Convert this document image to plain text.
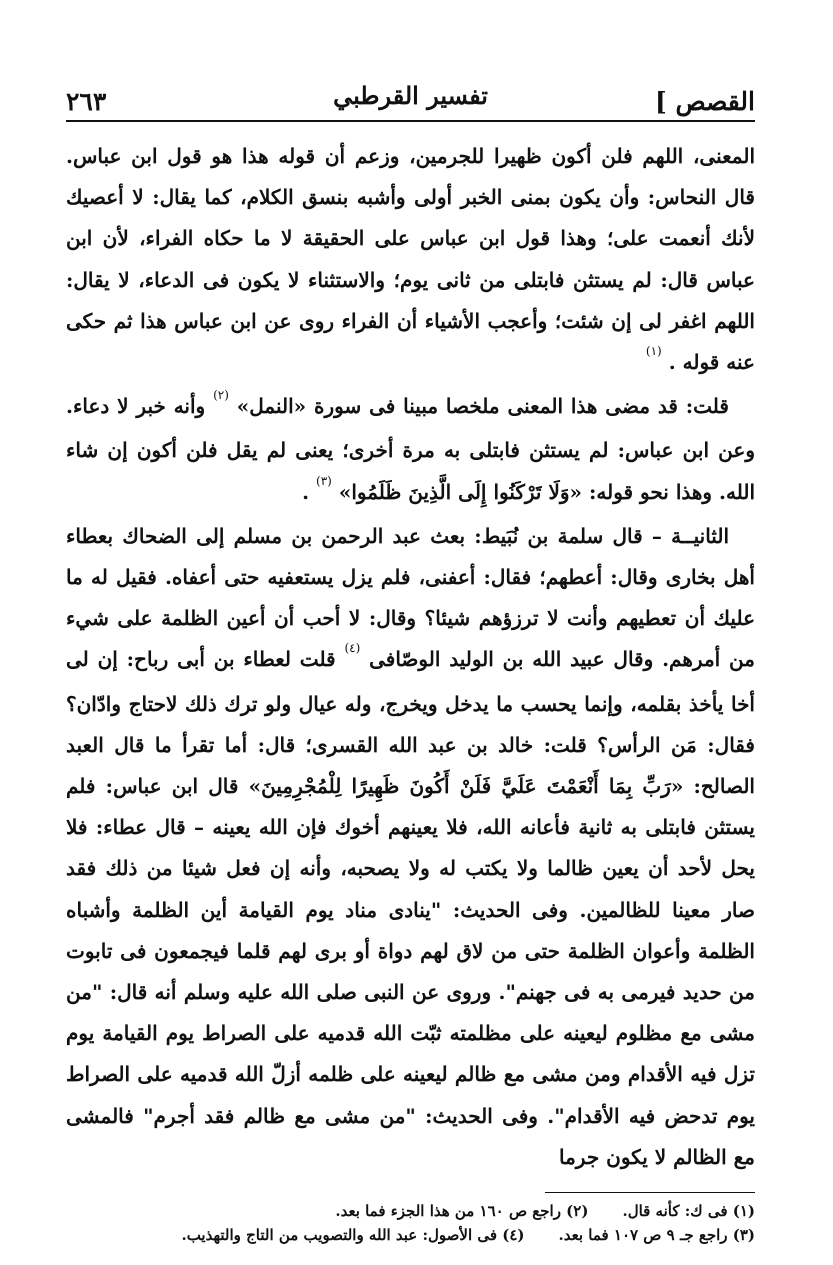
القصص ]
تفسير القرطبي
٢٦٣

المعنى، اللهم فلن أكون ظهيرا للجرمين، وزعم أن قوله هذا هو قول ابن عباس. قال النحاس: وأن يكون بمنى الخبر أولى وأشبه بنسق الكلام، كما يقال: لا أعصيك لأنك أنعمت على؛ وهذا قول ابن عباس على الحقيقة لا ما حكاه الفراء، لأن ابن عباس قال: لم يستثن فابتلى من ثانى يوم؛ والاستثناء لا يكون فى الدعاء، لا يقال: اللهم اغفر لى إن شئت؛ وأعجب الأشياء أن الفراء روى عن ابن عباس هذا ثم حكى عنه قوله . $^{(١)}$

قلت: قد مضى هذا المعنى ملخصا مبينا فى سورة «النمل» $^{(٢)}$ وأنه خبر لا دعاء. وعن ابن عباس: لم يستثن فابتلى به مرة أخرى؛ يعنى لم يقل فلن أكون إن شاء الله. وهذا نحو قوله: «وَلَا تَرْكَنُوا إِلَى الَّذِينَ ظَلَمُوا» $^{(٣)}$ .

الثانيــة – قال سلمة بن نُبَيط: بعث عبد الرحمن بن مسلم إلى الضحاك بعطاء أهل بخارى وقال: أعطهم؛ فقال: أعفنى، فلم يزل يستعفيه حتى أعفاه. فقيل له ما عليك أن تعطيهم وأنت لا ترزؤهم شيئا؟ وقال: لا أحب أن أعين الظلمة على شيء من أمرهم. وقال عبيد الله بن الوليد الوصّافى $^{(٤)}$ قلت لعطاء بن أبى رباح: إن لى أخا يأخذ بقلمه، وإنما يحسب ما يدخل ويخرج، وله عيال ولو ترك ذلك لاحتاج وادّان؟ فقال: مَن الرأس؟ قلت: خالد بن عبد الله القسرى؛ قال: أما تقرأ ما قال العبد الصالح: «رَبِّ بِمَا أَنْعَمْتَ عَلَيَّ فَلَنْ أَكُونَ ظَهِيرًا لِلْمُجْرِمِينَ» قال ابن عباس: فلم يستثن فابتلى به ثانية فأعانه الله، فلا يعينهم أخوك فإن الله يعينه – قال عطاء: فلا يحل لأحد أن يعين ظالما ولا يكتب له ولا يصحبه، وأنه إن فعل شيئا من ذلك فقد صار معينا للظالمين. وفى الحديث: "ينادى مناد يوم القيامة أين الظلمة وأشباه الظلمة وأعوان الظلمة حتى من لاق لهم دواة أو برى لهم قلما فيجمعون فى تابوت من حديد فيرمى به فى جهنم". وروى عن النبى صلى الله عليه وسلم أنه قال: "من مشى مع مظلوم ليعينه على مظلمته ثبّت الله قدميه على الصراط يوم القيامة يوم تزل فيه الأقدام ومن مشى مع ظالم ليعينه على ظلمه أزلّ الله قدميه على الصراط يوم تدحض فيه الأقدام". وفى الحديث: "من مشى مع ظالم فقد أجرم" فالمشى مع الظالم لا يكون جرما

(١) فى ك: كأنه قال.
(٢) راجع ص ١٦٠ من هذا الجزء فما بعد.
(٣) راجع جـ ٩ ص ١٠٧ فما بعد.
(٤) فى الأصول: عبد الله والتصويب من التاج والتهذيب.
